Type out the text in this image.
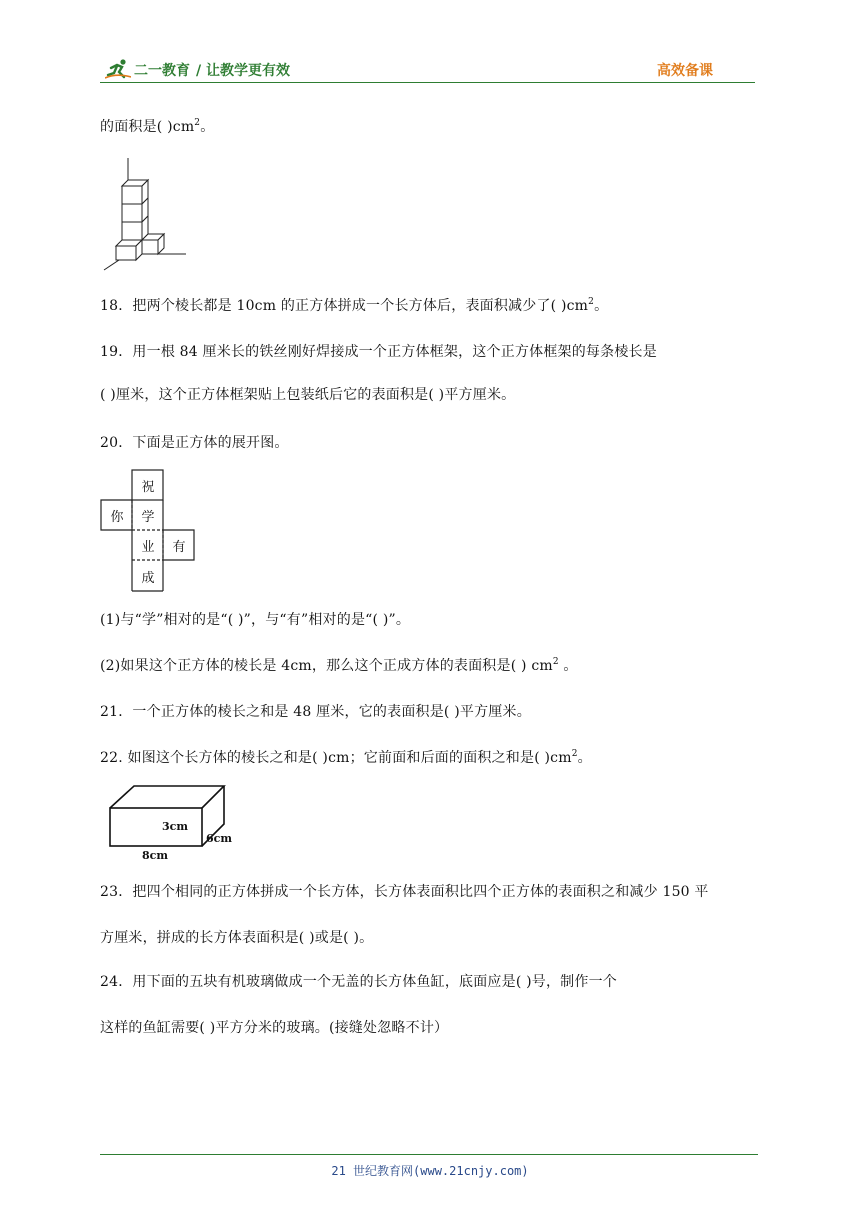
二一教育 / 让教学更有效	高效备课
的面积是( )$cm^2$。
18．把两个棱长都是 10cm 的正方体拼成一个长方体后，表面积减少了( )$cm^2$。
19．用一根 84 厘米长的铁丝刚好焊接成一个正方体框架，这个正方体框架的每条棱长是
( )厘米，这个正方体框架贴上包装纸后它的表面积是( )平方厘米。
20．下面是正方体的展开图。
祝
你	学
业	有
成
(1)与“学”相对的是“( )”，与“有”相对的是“( )”。
(2)如果这个正方体的棱长是 4cm，那么这个正成方体的表面积是( ) $cm^2$ 。
21．一个正方体的棱长之和是 48 厘米，它的表面积是( )平方厘米。
22. 如图这个长方体的棱长之和是( )cm；它前面和后面的面积之和是( )$cm^2$。
3cm
6cm
8cm
23．把四个相同的正方体拼成一个长方体，长方体表面积比四个正方体的表面积之和减少 150 平
方厘米，拼成的长方体表面积是( )或是( )。
24．用下面的五块有机玻璃做成一个无盖的长方体鱼缸，底面应是( )号，制作一个
这样的鱼缸需要( )平方分米的玻璃。(接缝处忽略不计）
21 世纪教育网(www.21cnjy.com)
